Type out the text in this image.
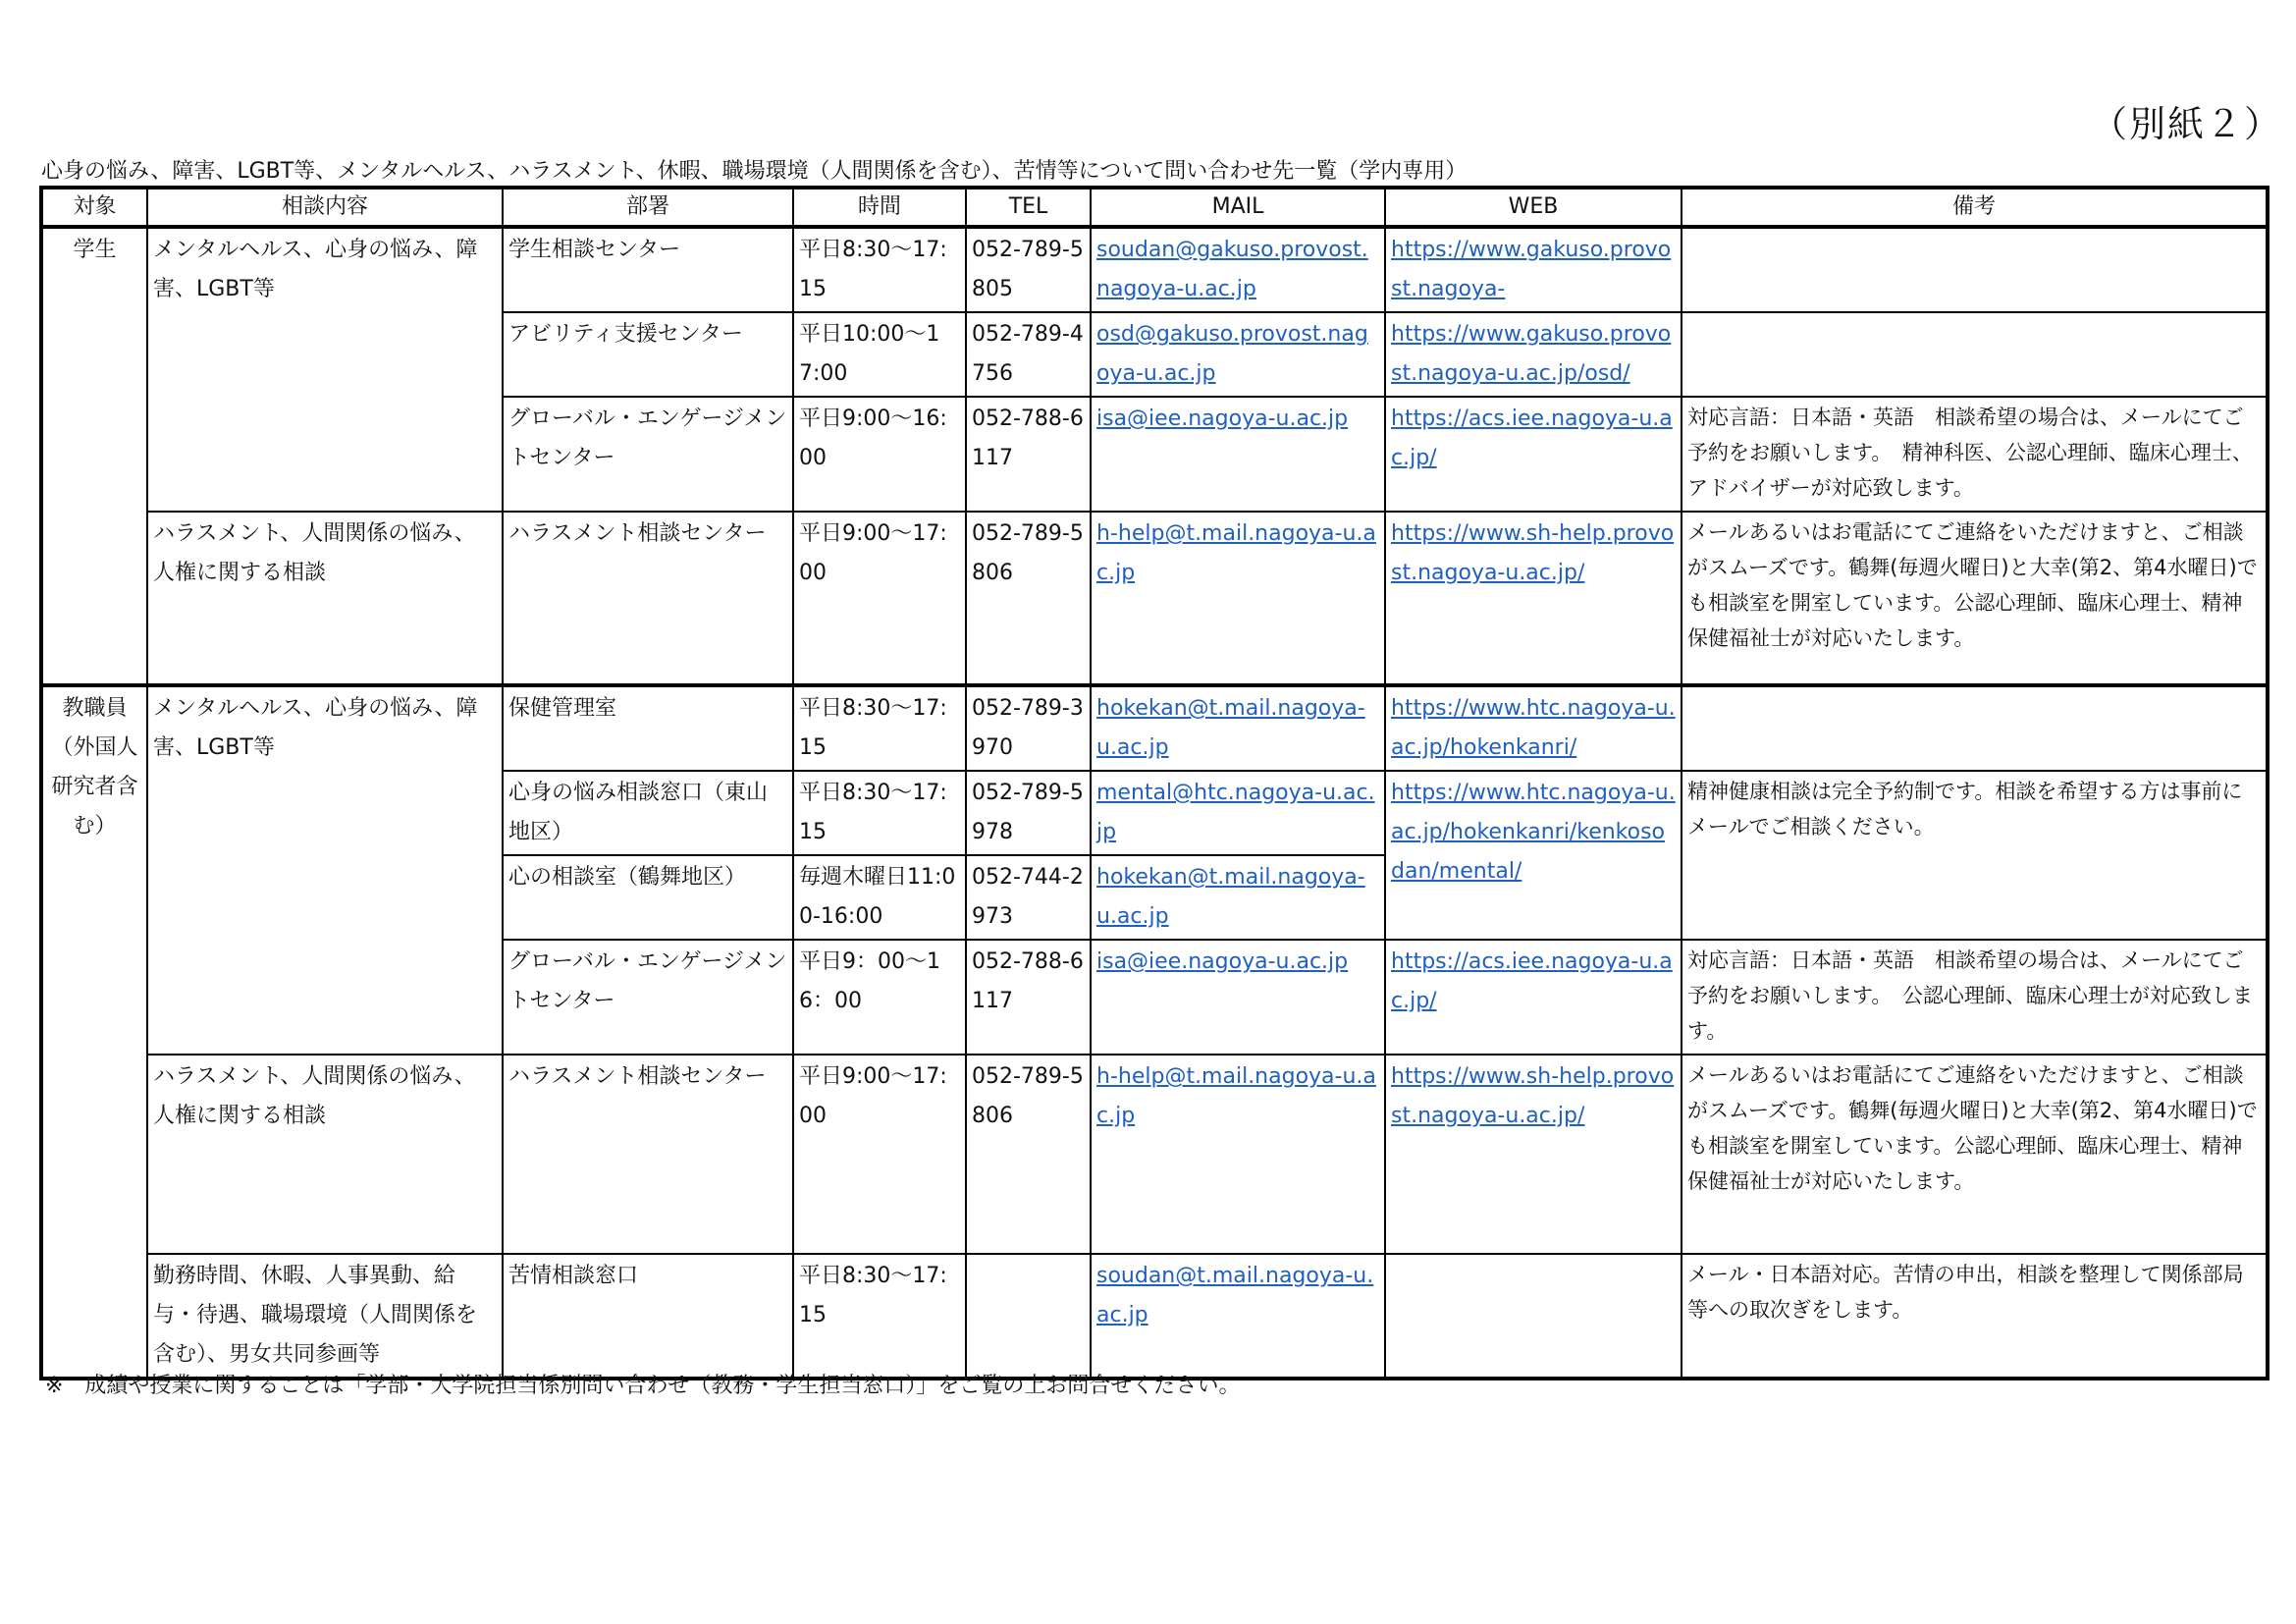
（別紙２）
心身の悩み、障害、LGBT等、メンタルヘルス、ハラスメント、休暇、職場環境（人間関係を含む）、苦情等について問い合わせ先一覧（学内専用）
対象	相談内容	部署	時間	TEL	MAIL	WEB	備考
学生	メンタルヘルス、心身の悩み、障害、LGBT等	学生相談センター	平日8:30～17:15	052-789-5805	soudan@gakuso.provost.nagoya-u.ac.jp	https://www.gakuso.provost.nagoya-	
		アビリティ支援センター	平日10:00～17:00	052-789-4756	osd@gakuso.provost.nagoya-u.ac.jp	https://www.gakuso.provost.nagoya-u.ac.jp/osd/	
		グローバル・エンゲージメントセンター	平日9:00～16:00	052-788-6117	isa@iee.nagoya-u.ac.jp	https://acs.iee.nagoya-u.ac.jp/	対応言語：日本語・英語　相談希望の場合は、メールにてご予約をお願いします。　精神科医、公認心理師、臨床心理士、アドバイザーが対応致します。
	ハラスメント、人間関係の悩み、人権に関する相談	ハラスメント相談センター	平日9:00～17:00	052-789-5806	h-help@t.mail.nagoya-u.ac.jp	https://www.sh-help.provost.nagoya-u.ac.jp/	メールあるいはお電話にてご連絡をいただけますと、ご相談がスムーズです。鶴舞(毎週火曜日)と大幸(第2、第4水曜日)でも相談室を開室しています。公認心理師、臨床心理士、精神保健福祉士が対応いたします。
教職員（外国人研究者含む）	メンタルヘルス、心身の悩み、障害、LGBT等	保健管理室	平日8:30～17:15	052-789-3970	hokekan@t.mail.nagoya-u.ac.jp	https://www.htc.nagoya-u.ac.jp/hokenkanri/	
		心身の悩み相談窓口（東山地区）	平日8:30～17:15	052-789-5978	mental@htc.nagoya-u.ac.jp	https://www.htc.nagoya-u.ac.jp/hokenkanri/kenkosodan/mental/	精神健康相談は完全予約制です。相談を希望する方は事前にメールでご相談ください。
		心の相談室（鶴舞地区）	毎週木曜日11:00-16:00	052-744-2973	hokekan@t.mail.nagoya-u.ac.jp		
		グローバル・エンゲージメントセンター	平日9：00～16：00	052-788-6117	isa@iee.nagoya-u.ac.jp	https://acs.iee.nagoya-u.ac.jp/	対応言語：日本語・英語　相談希望の場合は、メールにてご予約をお願いします。　公認心理師、臨床心理士が対応致します。
	ハラスメント、人間関係の悩み、人権に関する相談	ハラスメント相談センター	平日9:00～17:00	052-789-5806	h-help@t.mail.nagoya-u.ac.jp	https://www.sh-help.provost.nagoya-u.ac.jp/	メールあるいはお電話にてご連絡をいただけますと、ご相談がスムーズです。鶴舞(毎週火曜日)と大幸(第2、第4水曜日)でも相談室を開室しています。公認心理師、臨床心理士、精神保健福祉士が対応いたします。
	勤務時間、休暇、人事異動、給与・待遇、職場環境（人間関係を含む）、男女共同参画等	苦情相談窓口	平日8:30～17:15		soudan@t.mail.nagoya-u.ac.jp		メール・日本語対応。苦情の申出，相談を整理して関係部局等への取次ぎをします。
※　成績や授業に関することは「学部・大学院担当係別問い合わせ（教務・学生担当窓口）」をご覧の上お問合せください。
